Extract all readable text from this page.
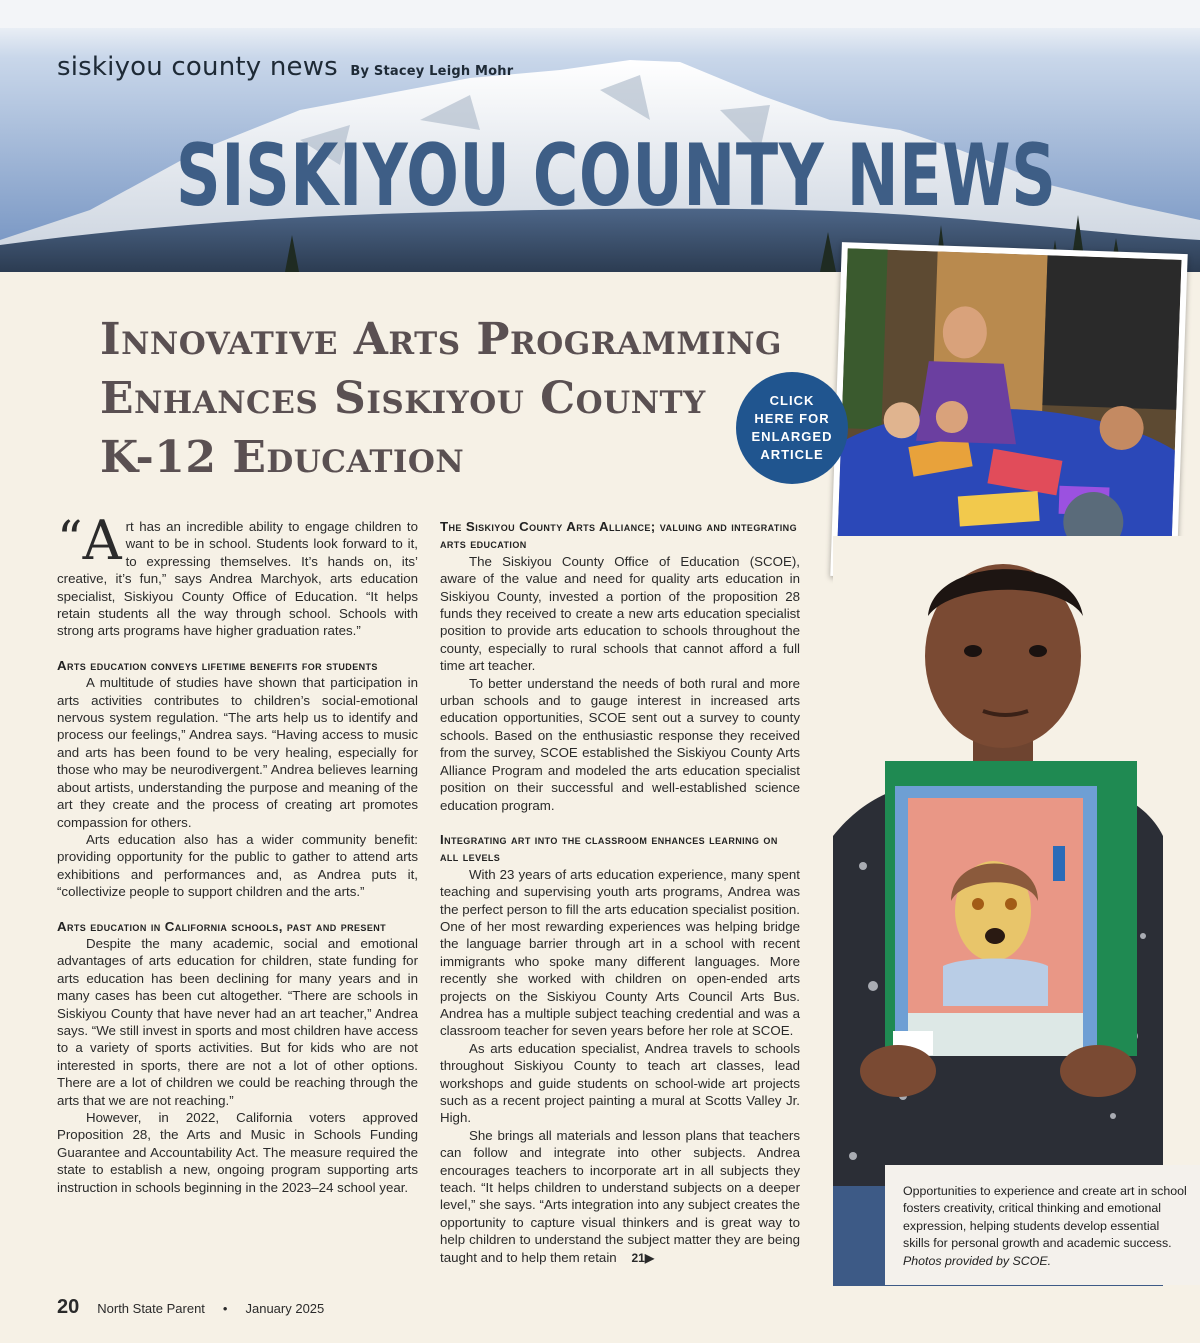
siskiyou county news By Stacey Leigh Mohr
SISKIYOU COUNTY NEWS
Innovative Arts Programming
Enhances Siskiyou County
K-12 Education
Opportunities to experience and create art in school fosters creativity, critical thinking and emotional expression, helping students develop essential skills for personal growth and academic success. Photos provided by SCOE.
CLICK
HERE FOR
ENLARGED
ARTICLE

“A rt has an incredible ability to engage children to want to be in school. Students look forward to it, to expressing themselves. It’s hands on, its’ creative, it’s fun,” says Andrea Marchyok, arts education specialist, Siskiyou County Office of Education. “It helps retain students all the way through school. Schools with strong arts programs have higher graduation rates.”

Arts education conveys lifetime benefits for students

A multitude of studies have shown that participation in arts activities contributes to children’s social-emotional nervous system regulation. “The arts help us to identify and process our feelings,” Andrea says. “Having access to music and arts has been found to be very healing, especially for those who may be neurodivergent.” Andrea believes learning about artists, understanding the purpose and meaning of the art they create and the process of creating art promotes compassion for others.

Arts education also has a wider community benefit: providing opportunity for the public to gather to attend arts exhibitions and performances and, as Andrea puts it, “collectivize people to support children and the arts.”

Arts education in California schools, past and present

Despite the many academic, social and emotional advantages of arts education for children, state funding for arts education has been declining for many years and in many cases has been cut altogether. “There are schools in Siskiyou County that have never had an art teacher,” Andrea says. “We still invest in sports and most children have access to a variety of sports activities. But for kids who are not interested in sports, there are not a lot of other options. There are a lot of children we could be reaching through the arts that we are not reaching.”

However, in 2022, California voters approved Proposition 28, the Arts and Music in Schools Funding Guarantee and Accountability Act. The measure required the state to establish a new, ongoing program supporting arts instruction in schools beginning in the 2023–24 school year.

The Siskiyou County Arts Alliance; valuing and integrating arts education

The Siskiyou County Office of Education (SCOE), aware of the value and need for quality arts education in Siskiyou County, invested a portion of the proposition 28 funds they received to create a new arts education specialist position to provide arts education to schools throughout the county, especially to rural schools that cannot afford a full time art teacher.

To better understand the needs of both rural and more urban schools and to gauge interest in increased arts education opportunities, SCOE sent out a survey to county schools. Based on the enthusiastic response they received from the survey, SCOE established the Siskiyou County Arts Alliance Program and modeled the arts education specialist position on their successful and well-established science education program.

Integrating art into the classroom enhances learning on all levels

With 23 years of arts education experience, many spent teaching and supervising youth arts programs, Andrea was the perfect person to fill the arts education specialist position. One of her most rewarding experiences was helping bridge the language barrier through art in a school with recent immigrants who spoke many different languages. More recently she worked with children on open-ended arts projects on the Siskiyou County Arts Council Arts Bus. Andrea has a multiple subject teaching credential and was a classroom teacher for seven years before her role at SCOE.

As arts education specialist, Andrea travels to schools throughout Siskiyou County to teach art classes, lead workshops and guide students on school-wide art projects such as a recent project painting a mural at Scotts Valley Jr. High.

She brings all materials and lesson plans that teachers can follow and integrate into other subjects. Andrea encourages teachers to incorporate art in all subjects they teach. “It helps children to understand subjects on a deeper level,” she says. “Arts integration into any subject creates the opportunity to capture visual thinkers and is great way to help children to understand the subject matter they are being taught and to help them retain 21▶

20 North State Parent • January 2025
